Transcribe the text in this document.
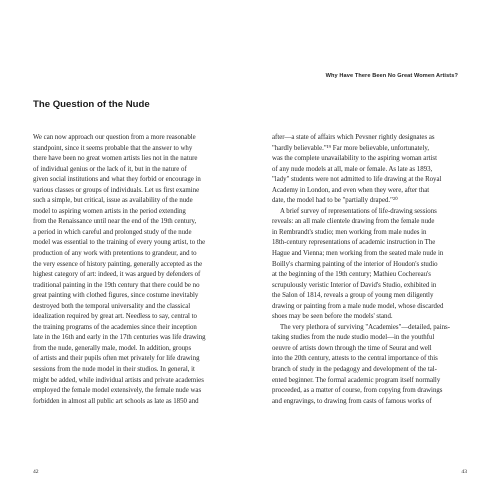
The Question of the Nude
We can now approach our question from a more reasonable
standpoint, since it seems probable that the answer to why
there have been no great women artists lies not in the nature
of individual genius or the lack of it, but in the nature of
given social institutions and what they forbid or encourage in
various classes or groups of individuals. Let us first examine
such a simple, but critical, issue as availability of the nude
model to aspiring women artists in the period extending
from the Renaissance until near the end of the 19th century,
a period in which careful and prolonged study of the nude
model was essential to the training of every young artist, to the
production of any work with pretentions to grandeur, and to
the very essence of history painting, generally accepted as the
highest category of art: indeed, it was argued by defenders of
traditional painting in the 19th century that there could be no
great painting with clothed figures, since costume inevitably
destroyed both the temporal universality and the classical
idealization required by great art. Needless to say, central to
the training programs of the academies since their inception
late in the 16th and early in the 17th centuries was life drawing
from the nude, generally male, model. In addition, groups
of artists and their pupils often met privately for life drawing
sessions from the nude model in their studios. In general, it
might be added, while individual artists and private academies
employed the female model extensively, the female nude was
forbidden in almost all public art schools as late as 1850 and
42
Why Have There Been No Great Women Artists?
after—a state of affairs which Pevsner rightly designates as
"hardly believable."¹⁹ Far more believable, unfortunately,
was the complete unavailability to the aspiring woman artist
of any nude models at all, male or female. As late as 1893,
"lady" students were not admitted to life drawing at the Royal
Academy in London, and even when they were, after that
date, the model had to be "partially draped."²⁰
A brief survey of representations of life-drawing sessions
reveals: an all male clientele drawing from the female nude
in Rembrandt's studio; men working from male nudes in
18th-century representations of academic instruction in The
Hague and Vienna; men working from the seated male nude in
Boilly's charming painting of the interior of Houdon's studio
at the beginning of the 19th century; Mathieu Cochereau's
scrupulously veristic Interior of David's Studio, exhibited in
the Salon of 1814, reveals a group of young men diligently
drawing or painting from a male nude model, whose discarded
shoes may be seen before the models' stand.
The very plethora of surviving "Academies"—detailed, pains-
taking studies from the nude studio model—in the youthful
oeuvre of artists down through the time of Seurat and well
into the 20th century, attests to the central importance of this
branch of study in the pedagogy and development of the tal-
ented beginner. The formal academic program itself normally
proceeded, as a matter of course, from copying from drawings
and engravings, to drawing from casts of famous works of
43
